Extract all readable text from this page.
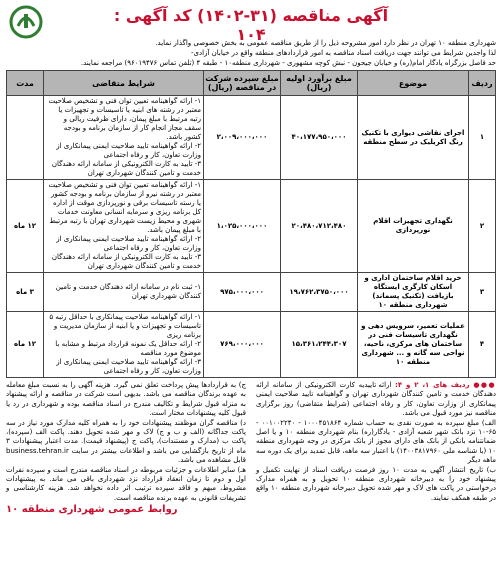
آگهی مناقصه (۳۱-۱۴۰۲) کد آگهی : ۱۰۴
شهرداری منطقه ۱۰ تهران در نظر دارد امور مشروحه ذیل را از طریق مناقصه عمومی به بخش خصوصی واگذار نماید.
لذا واجدین شرایط می توانند جهت دریافت اسناد مناقصه به امور قراردادهای منطقه واقع در خیابان آزادی-
حد فاصل بزرگراه یادگار امام(ره) و خیابان جیحون - نبش کوچه مشهوری - شهرداری منطقه۱۰ - طبقه ۴ (تلفن تماس ۹۶۰۱۹۴۷۶) مراجعه نمایند.
ردیف	موضوع	مبلغ برآورد اولیه (ریال)	مبلغ سپرده شرکت در مناقصه (ریال)	شرایط متقاضی	مدت
۱	اجرای نقاشی دیواری با تکنیک رنگ اکریلیک در سطح منطقه	۴۰،۱۷۷،۹۵۰،۰۰۰	۲،۰۰۹،۰۰۰،۰۰۰	۱- ارائه گواهینامه تعیین توان فنی و تشخیص صلاحیت معتبر در رشته های ابنیه یا تاسیسات و تجهیزات یا رتبه مرتبط با مبلغ پیمان، دارای ظرفیت ریالی و سقف مجاز انجام کار از سازمان برنامه و بودجه کشور باشد.
۲- ارائه گواهینامه تایید صلاحیت ایمنی پیمانکاری از وزارت تعاون، کار و رفاه اجتماعی
۳- تایید به کارت الکترونیکی از سامانه ارائه دهندگان خدمت و تامین کنندگان شهرداری تهران	

۲	نگهداری تجهیزات اقلام نورپردازی	۲۰،۴۸۰،۷۱۲،۴۸۰	۱،۰۲۵،۰۰۰،۰۰۰	۱- ارائه گواهینامه تعیین توان فنی و تشخیص صلاحیت معتبر در رشته نیرو از سازمان برنامه و بودجه کشور یا رسته تاسیسات برقی و نورپردازی موقت از اداره کل برنامه ریزی و سرمایه انسانی معاونت خدمات شهری و محیط زیست شهرداری تهران با رتبه مرتبط با مبلغ پیمان باشد.
۲- ارائه گواهینامه تایید صلاحیت ایمنی پیمانکاری از وزارت تعاون، کار و رفاه اجتماعی
۳- تایید به کارت الکترونیکی از سامانه ارائه دهندگان خدمت و تامین کنندگان شهرداری تهران	۱۲ ماه
۳	خرید اقلام ساختمان اداری و اسکان کارگری ایستگاه بازیافت (تکنیک پسماند) شهرداری منطقه ۱۰	۱۹،۷۶۲،۳۷۵۰،۰۰۰	۹۷۵،۰۰۰،۰۰۰	۱- ثبت نام در سامانه ارائه دهندگان خدمت و تامین کنندگان شهرداری تهران	۳ ماه
۴	عملیات تعمیر، سرویس دهی و نگهداری تاسیسات فنی در ساختمان های مرکزی، ناحیه، نواحی سه گانه و ... شهرداری منطقه ۱۰	۱۵،۳۶۱،۲۴۴،۳۰۷	۷۶۹،۰۰۰،۰۰۰	۱- ارائه گواهینامه صلاحیت پیمانکاری با حداقل رتبه ۵ تاسیسات و تجهیزات و یا ابنیه از سازمان مدیریت و برنامه ریزی
۲- ارائه حداقل یک نمونه قرارداد مرتبط و مشابه با موضوع مورد مناقصه
۳- ارائه گواهینامه تایید صلاحیت ایمنی پیمانکاری از وزارت تعاون، کار و رفاه اجتماعی	۱۲ ماه
●●● ردیف های ۱، ۲ و ۴: ارائه تاییدیه کارت الکترونیکی از سامانه ارائه دهندگان خدمت و تامین کنندگان شهرداری تهران و گواهینامه تایید صلاحیت ایمنی پیمانکاری از وزارت تعاون، کار و رفاه اجتماعی (شرایط متقاضی) روز برگزاری مناقصه نیز مورد قبول می باشد.
الف) مبلغ سپرده به صورت نقدی به حساب شماره ۱۰۰۰۴۵۱۸۶۴ - ۰۰۱۰۰۲۲۴۰ - ۶۵-۱۰ نزد بانک شهر شعبه آزادی - یادگار(ره) بنام شهرداری منطقه ۱۰ و یا اصل ضمانتنامه بانکی از بانک های دارای مجوز از بانک مرکزی در وجه شهرداری منطقه ۱۰ (با شناسه ملی ۱۴۰۰۳۸۱۷۹۶۰) با اعتبار سه ماهه، قابل تمدید برای یک دوره سه ماهه دیگر
ب) تاریخ انتشار آگهی به مدت ۱۰ روز فرصت دریافت اسناد از نهایت تکمیل و پیشنهاد خود را به دبیرخانه شهرداری منطقه ۱۰ تحویل و به همراه مدارک درخواستی در پاکت های لاک و مهر شده تحویل دبیرخانه شهرداری منطقه ۱۰ واقع در طبقه همکف نمایند.
ج) به قراردادها پیش پرداخت تعلق نمی گیرد. هزینه آگهی را به نسبت مبلغ معامله به عهده برندگان مناقصه می باشد. بدیهی است شرکت در مناقصه و ارائه پیشنهاد به منزله قبول شرایط و تکالیف مندرج در اسناد مناقصه بوده و شهرداری در رد یا قبول کلیه پیشنهادات مختار است.
د) مناقصه گران موظفند پیشنهادات خود را به همراه کلیه مدارک مورد نیاز در سه پاکت جداگانه (الف و ب و ج) لاک و مهر شده تحویل دهند. پاکت الف (سپرده)، پاکت ب (مدارک و مستندات)، پاکت ج (پیشنهاد قیمت). مدت اعتبار پیشنهادات ۳ ماه از تاریخ بازگشایی می باشد و اطلاعات بیشتر در سایت business.tehran.ir قابل مشاهده می باشد.
هـ) سایر اطلاعات و جزئیات مربوطه در اسناد مناقصه مندرج است و سپرده نفرات اول و دوم تا زمان انعقاد قرارداد نزد شهرداری باقی می ماند. به پیشنهادات مشروط، مبهم و فاقد سپرده ترتیب اثر داده نخواهد شد. هزینه کارشناسی و تشریفات قانونی به عهده برنده مناقصه است.
روابط عمومی شهرداری منطقه ۱۰
